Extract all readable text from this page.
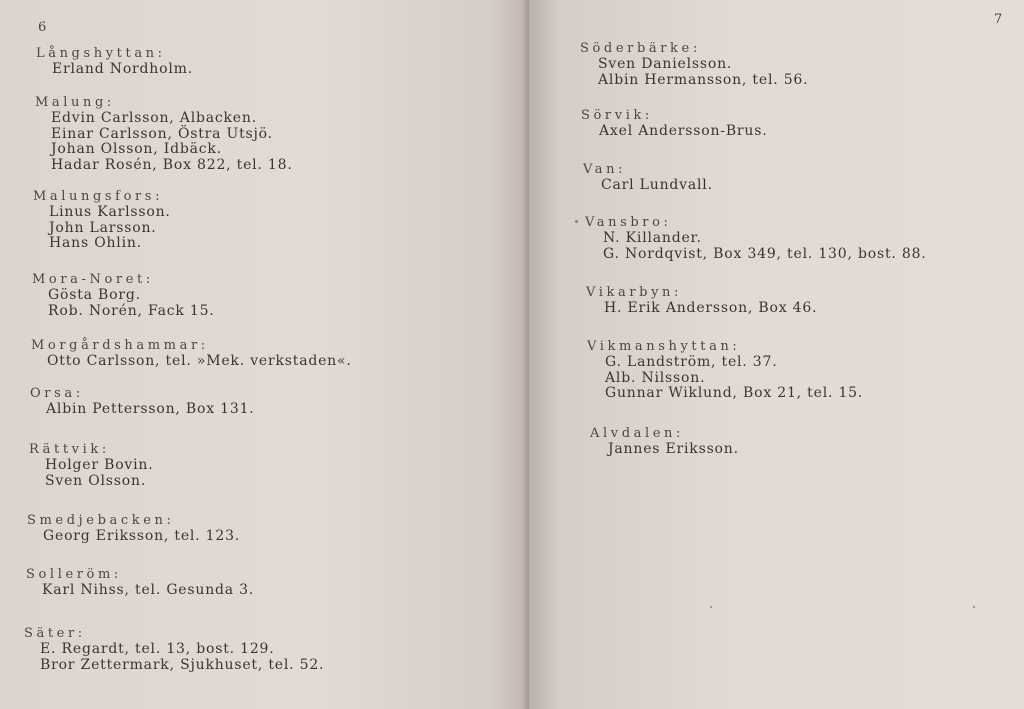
6

Långshyttan:

Erland Nordholm.

Malung:

Edvin Carlsson, Albacken.

Einar Carlsson, Östra Utsjö.

Johan Olsson, Idbäck.

Hadar Rosén, Box 822, tel. 18.

Malungsfors:

Linus Karlsson.

John Larsson.

Hans Ohlin.

Mora-Noret:

Gösta Borg.

Rob. Norén, Fack 15.

Morgårdshammar:

Otto Carlsson, tel. »Mek. verkstaden«.

Orsa:

Albin Pettersson, Box 131.

Rättvik:

Holger Bovin.

Sven Olsson.

Smedjebacken:

Georg Eriksson, tel. 123.

Solleröm:

Karl Nihss, tel. Gesunda 3.

Säter:

E. Regardt, tel. 13, bost. 129.

Bror Zettermark, Sjukhuset, tel. 52.

7

Söderbärke:

Sven Danielsson.

Albin Hermansson, tel. 56.

Sörvik:

Axel Andersson-Brus.

Van:

Carl Lundvall.

Vansbro:

N. Killander.

G. Nordqvist, Box 349, tel. 130, bost. 88.

Vikarbyn:

H. Erik Andersson, Box 46.

Vikmanshyttan:

G. Landström, tel. 37.

Alb. Nilsson.

Gunnar Wiklund, Box 21, tel. 15.

Alvdalen:

Jannes Eriksson.
